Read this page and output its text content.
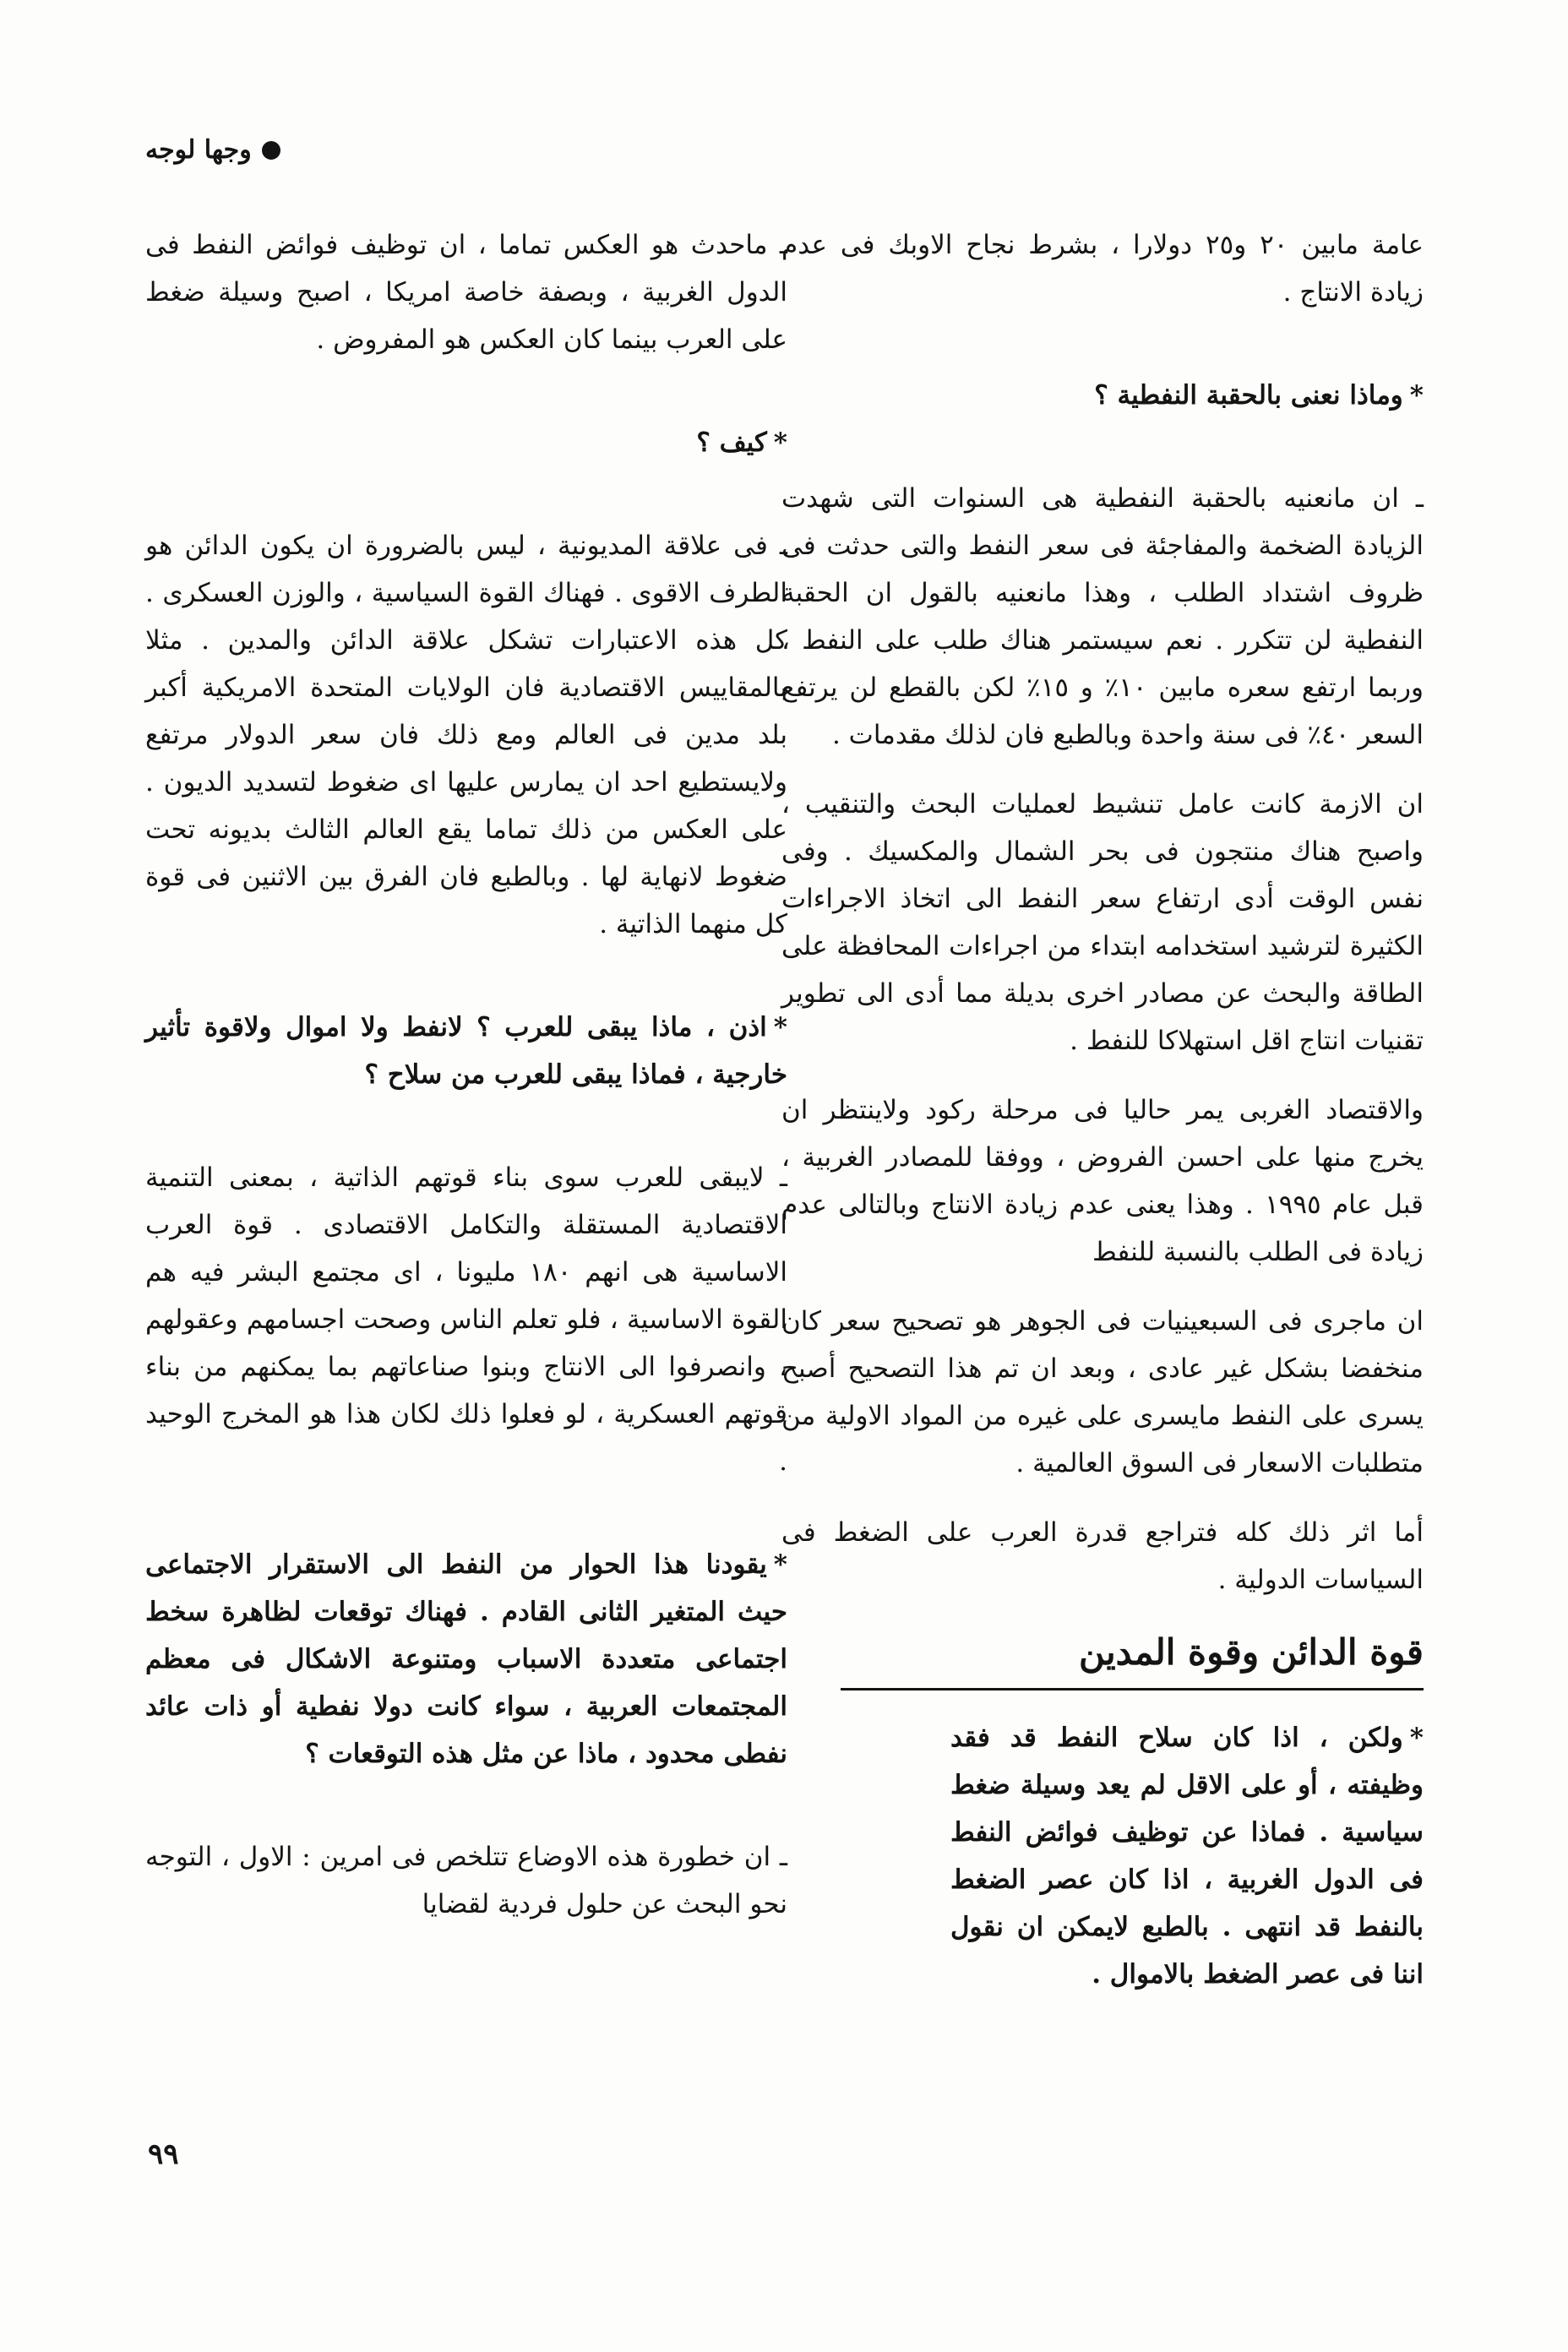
وجها لوجه

عامة مابين ٢٠ و٢٥ دولارا ، بشرط نجاح الاوبك فى عدم زيادة الانتاج .

*وماذا نعنى بالحقبة النفطية ؟

ـ ان مانعنيه بالحقبة النفطية هى السنوات التى شهدت الزيادة الضخمة والمفاجئة فى سعر النفط والتى حدثت فى ظروف اشتداد الطلب ، وهذا مانعنيه بالقول ان الحقبة النفطية لن تتكرر . نعم سيستمر هناك طلب على النفط ، وربما ارتفع سعره مابين ١٠٪ و ١٥٪ لكن بالقطع لن يرتفع السعر ٤٠٪ فى سنة واحدة وبالطبع فان لذلك مقدمات .

ان الازمة كانت عامل تنشيط لعمليات البحث والتنقيب ، واصبح هناك منتجون فى بحر الشمال والمكسيك . وفى نفس الوقت أدى ارتفاع سعر النفط الى اتخاذ الاجراءات الكثيرة لترشيد استخدامه ابتداء من اجراءات المحافظة على الطاقة والبحث عن مصادر اخرى بديلة مما أدى الى تطوير تقنيات انتاج اقل استهلاكا للنفط .

والاقتصاد الغربى يمر حاليا فى مرحلة ركود ولاينتظر ان يخرج منها على احسن الفروض ، ووفقا للمصادر الغربية ، قبل عام ١٩٩٥ . وهذا يعنى عدم زيادة الانتاج وبالتالى عدم زيادة فى الطلب بالنسبة للنفط

ان ماجرى فى السبعينيات فى الجوهر هو تصحيح سعر كان منخفضا بشكل غير عادى ، وبعد ان تم هذا التصحيح أصبح يسرى على النفط مايسرى على غيره من المواد الاولية من متطلبات الاسعار فى السوق العالمية .

أما اثر ذلك كله فتراجع قدرة العرب على الضغط فى السياسات الدولية .

قوة الدائن وقوة المدين

*ولكن ، اذا كان سلاح النفط قد فقد وظيفته ، أو على الاقل لم يعد وسيلة ضغط سياسية . فماذا عن توظيف فوائض النفط فى الدول الغربية ، اذا كان عصر الضغط بالنفط قد انتهى . بالطبع لايمكن ان نقول اننا فى عصر الضغط بالاموال .

ـ ماحدث هو العكس تماما ، ان توظيف فوائض النفط فى الدول الغربية ، وبصفة خاصة امريكا ، اصبح وسيلة ضغط على العرب بينما كان العكس هو المفروض .

*كيف ؟

ـ فى علاقة المديونية ، ليس بالضرورة ان يكون الدائن هو الطرف الاقوى . فهناك القوة السياسية ، والوزن العسكرى . كل هذه الاعتبارات تشكل علاقة الدائن والمدين . مثلا بالمقاييس الاقتصادية فان الولايات المتحدة الامريكية أكبر بلد مدين فى العالم ومع ذلك فان سعر الدولار مرتفع ولايستطيع احد ان يمارس عليها اى ضغوط لتسديد الديون . على العكس من ذلك تماما يقع العالم الثالث بديونه تحت ضغوط لانهاية لها . وبالطبع فان الفرق بين الاثنين فى قوة كل منهما الذاتية .

*اذن ، ماذا يبقى للعرب ؟ لانفط ولا اموال ولاقوة تأثير خارجية ، فماذا يبقى للعرب من سلاح ؟

ـ لايبقى للعرب سوى بناء قوتهم الذاتية ، بمعنى التنمية الاقتصادية المستقلة والتكامل الاقتصادى . قوة العرب الاساسية هى انهم ١٨٠ مليونا ، اى مجتمع البشر فيه هم القوة الاساسية ، فلو تعلم الناس وصحت اجسامهم وعقولهم ، وانصرفوا الى الانتاج وبنوا صناعاتهم بما يمكنهم من بناء قوتهم العسكرية ، لو فعلوا ذلك لكان هذا هو المخرج الوحيد .

*يقودنا هذا الحوار من النفط الى الاستقرار الاجتماعى حيث المتغير الثانى القادم . فهناك توقعات لظاهرة سخط اجتماعى متعددة الاسباب ومتنوعة الاشكال فى معظم المجتمعات العربية ، سواء كانت دولا نفطية أو ذات عائد نفطى محدود ، ماذا عن مثل هذه التوقعات ؟

ـ ان خطورة هذه الاوضاع تتلخص فى امرين : الاول ، التوجه نحو البحث عن حلول فردية لقضايا

٩٩
